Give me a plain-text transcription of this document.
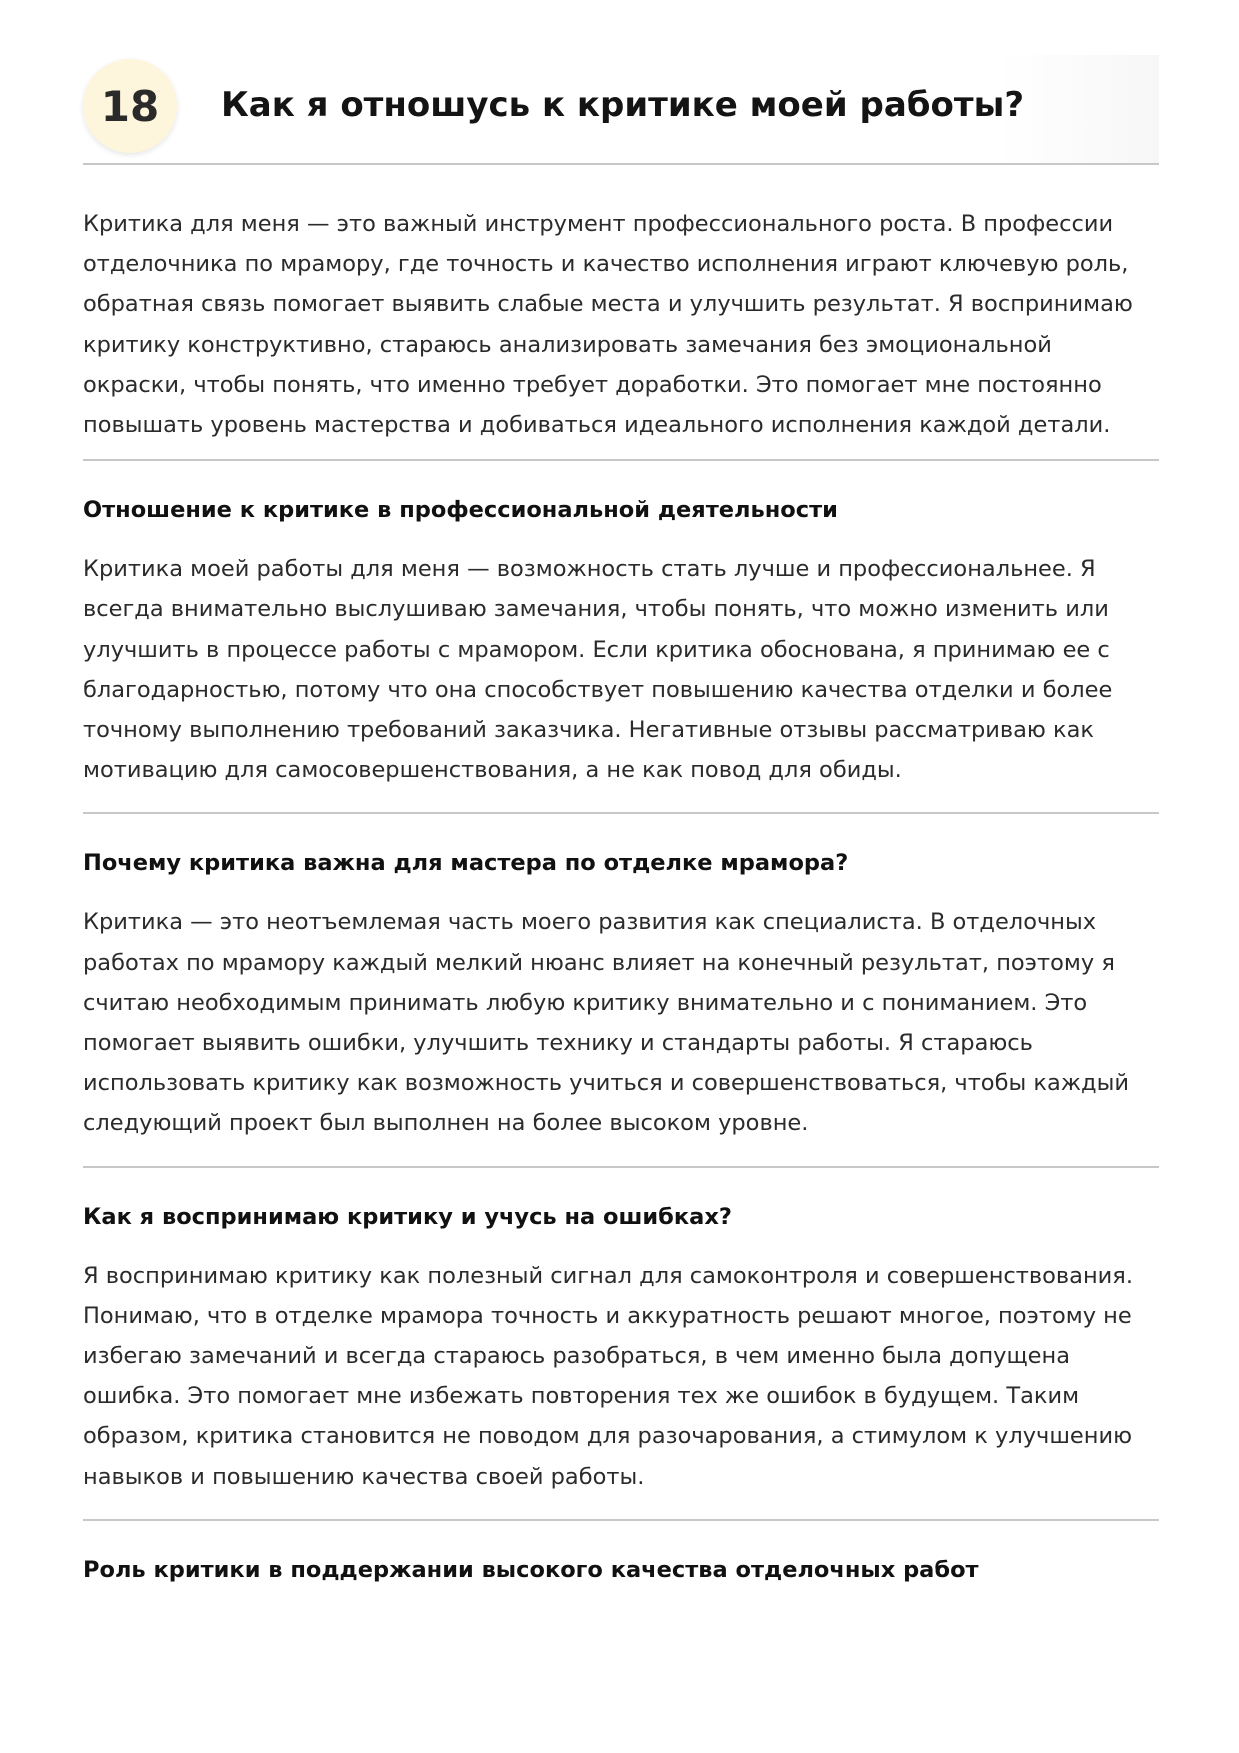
18	Как я отношусь к критике моей работы?

Критика для меня — это важный инструмент профессионального роста. В профессии отделочника по мрамору, где точность и качество исполнения играют ключевую роль, обратная связь помогает выявить слабые места и улучшить результат. Я воспринимаю критику конструктивно, стараюсь анализировать замечания без эмоциональной окраски, чтобы понять, что именно требует доработки. Это помогает мне постоянно повышать уровень мастерства и добиваться идеального исполнения каждой детали.

Отношение к критике в профессиональной деятельности

Критика моей работы для меня — возможность стать лучше и профессиональнее. Я всегда внимательно выслушиваю замечания, чтобы понять, что можно изменить или улучшить в процессе работы с мрамором. Если критика обоснована, я принимаю ее с благодарностью, потому что она способствует повышению качества отделки и более точному выполнению требований заказчика. Негативные отзывы рассматриваю как мотивацию для самосовершенствования, а не как повод для обиды.

Почему критика важна для мастера по отделке мрамора?

Критика — это неотъемлемая часть моего развития как специалиста. В отделочных работах по мрамору каждый мелкий нюанс влияет на конечный результат, поэтому я считаю необходимым принимать любую критику внимательно и с пониманием. Это помогает выявить ошибки, улучшить технику и стандарты работы. Я стараюсь использовать критику как возможность учиться и совершенствоваться, чтобы каждый следующий проект был выполнен на более высоком уровне.

Как я воспринимаю критику и учусь на ошибках?

Я воспринимаю критику как полезный сигнал для самоконтроля и совершенствования. Понимаю, что в отделке мрамора точность и аккуратность решают многое, поэтому не избегаю замечаний и всегда стараюсь разобраться, в чем именно была допущена ошибка. Это помогает мне избежать повторения тех же ошибок в будущем. Таким образом, критика становится не поводом для разочарования, а стимулом к улучшению навыков и повышению качества своей работы.

Роль критики в поддержании высокого качества отделочных работ
